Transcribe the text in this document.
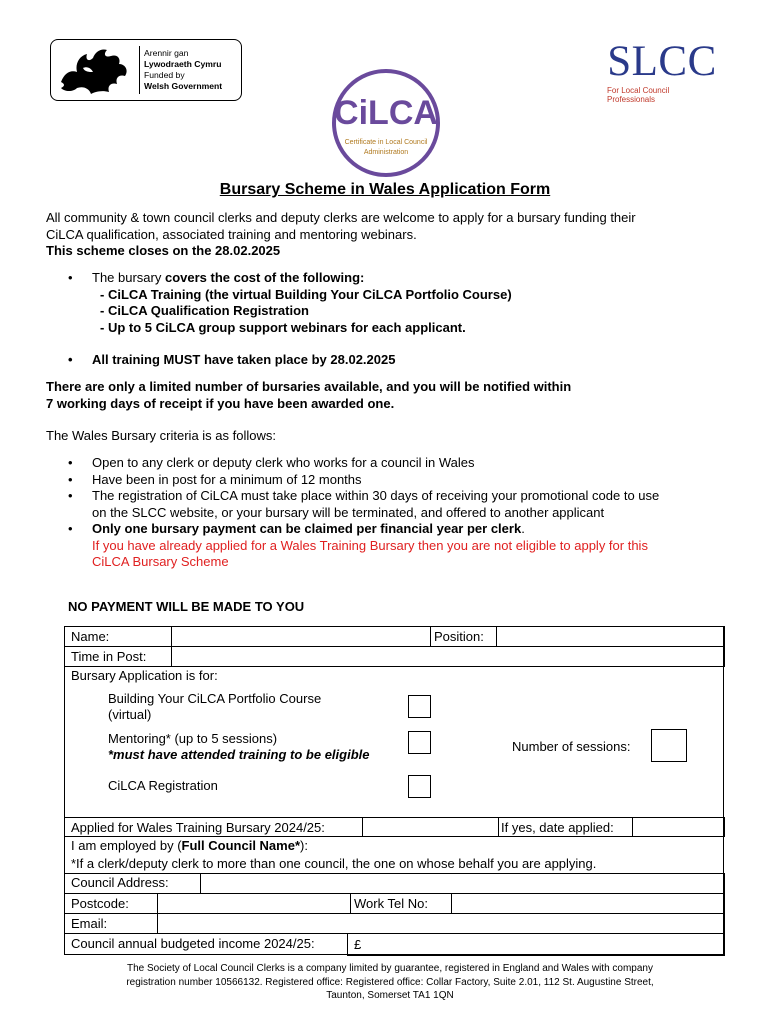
Arennir gan
Lywodraeth Cymru
Funded by
Welsh Government
CiLCA
Certificate in Local Council
Administration
SLCC
For Local Council Professionals
Bursary Scheme in Wales Application Form
All community & town council clerks and deputy clerks are welcome to apply for a bursary funding their
CiLCA qualification, associated training and mentoring webinars.
This scheme closes on the 28.02.2025
• The bursary covers the cost of the following:
- CiLCA Training (the virtual Building Your CiLCA Portfolio Course)
- CiLCA Qualification Registration
- Up to 5 CiLCA group support webinars for each applicant.
• All training MUST have taken place by 28.02.2025
There are only a limited number of bursaries available, and you will be notified within
7 working days of receipt if you have been awarded one.
The Wales Bursary criteria is as follows:
• Open to any clerk or deputy clerk who works for a council in Wales
• Have been in post for a minimum of 12 months
• The registration of CiLCA must take place within 30 days of receiving your promotional code to use
on the SLCC website, or your bursary will be terminated, and offered to another applicant
• Only one bursary payment can be claimed per financial year per clerk.
If you have already applied for a Wales Training Bursary then you are not eligible to apply for this
CiLCA Bursary Scheme
NO PAYMENT WILL BE MADE TO YOU
Name:	Position:
Time in Post:
Bursary Application is for:
Building Your CiLCA Portfolio Course
(virtual)
Mentoring* (up to 5 sessions)
*must have attended training to be eligible
Number of sessions:
CiLCA Registration
Applied for Wales Training Bursary 2024/25:	If yes, date applied:
I am employed by (Full Council Name*):
*If a clerk/deputy clerk to more than one council, the one on whose behalf you are applying.
Council Address:
Postcode:	Work Tel No:
Email:
Council annual budgeted income 2024/25:	£
The Society of Local Council Clerks is a company limited by guarantee, registered in England and Wales with company
registration number 10566132. Registered office: Registered office: Collar Factory, Suite 2.01, 112 St. Augustine Street,
Taunton, Somerset TA1 1QN
